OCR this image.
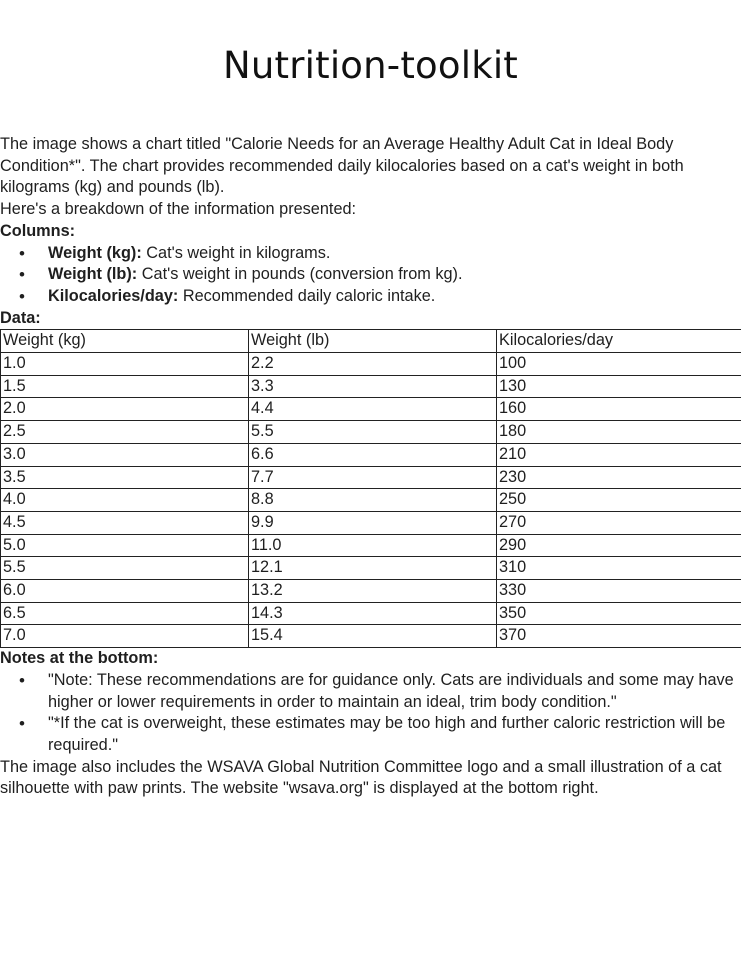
Nutrition-toolkit

The image shows a chart titled "Calorie Needs for an Average Healthy Adult Cat in Ideal Body Condition*". The chart provides recommended daily kilocalories based on a cat's weight in both kilograms (kg) and pounds (lb).

Here's a breakdown of the information presented:

Columns:

• Weight (kg): Cat's weight in kilograms.
• Weight (lb): Cat's weight in pounds (conversion from kg).
• Kilocalories/day: Recommended daily caloric intake.

Data:

Weight (kg)	Weight (lb)	Kilocalories/day
1.0	2.2	100
1.5	3.3	130
2.0	4.4	160
2.5	5.5	180
3.0	6.6	210
3.5	7.7	230
4.0	8.8	250
4.5	9.9	270
5.0	11.0	290
5.5	12.1	310
6.0	13.2	330
6.5	14.3	350
7.0	15.4	370

Notes at the bottom:

• "Note: These recommendations are for guidance only. Cats are individuals and some may have higher or lower requirements in order to maintain an ideal, trim body condition."
• "*If the cat is overweight, these estimates may be too high and further caloric restriction will be required."

The image also includes the WSAVA Global Nutrition Committee logo and a small illustration of a cat silhouette with paw prints. The website "wsava.org" is displayed at the bottom right.
